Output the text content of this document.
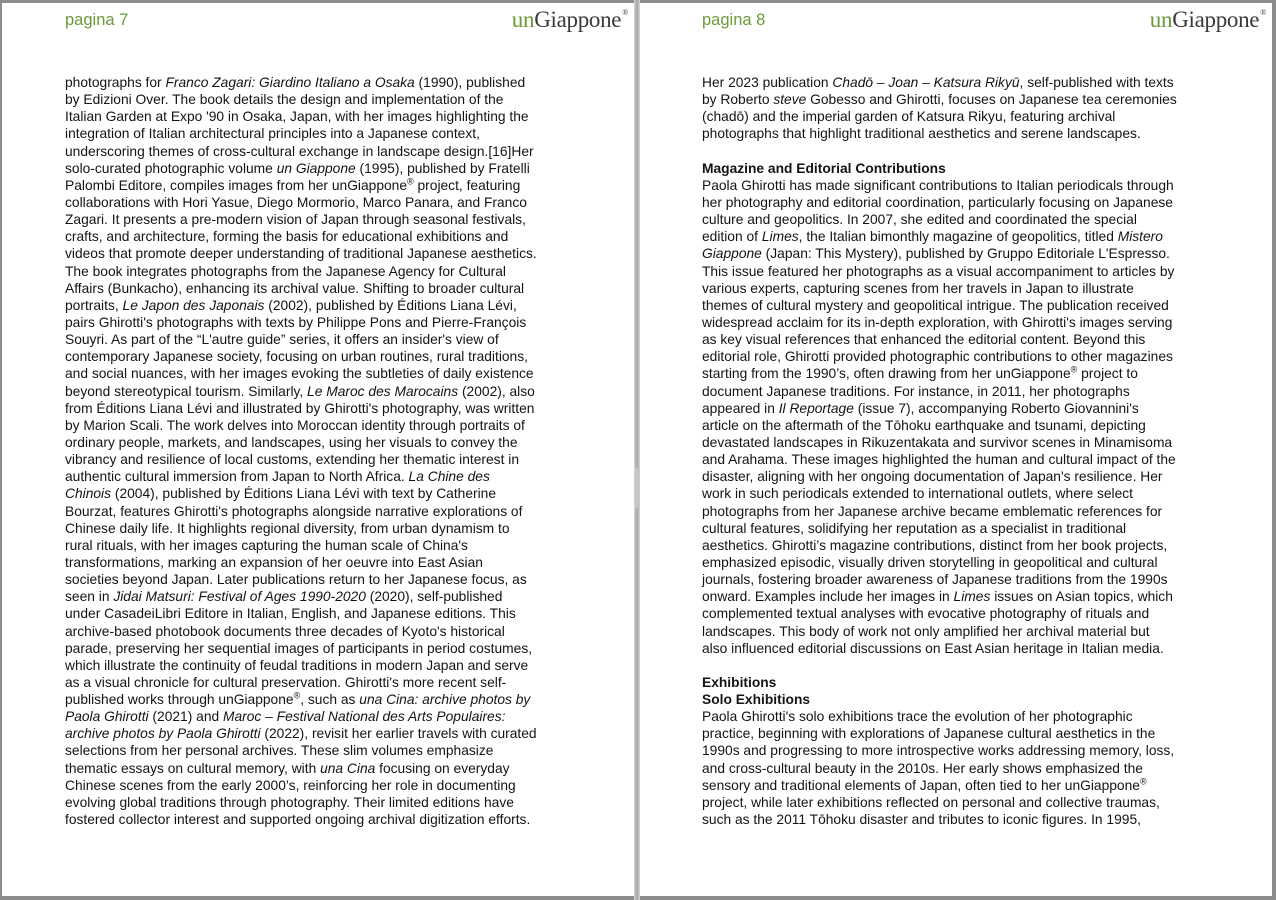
pagina 7	unGiappone®
photographs for Franco Zagari: Giardino Italiano a Osaka (1990), published
by Edizioni Over. The book details the design and implementation of the
Italian Garden at Expo '90 in Osaka, Japan, with her images highlighting the
integration of Italian architectural principles into a Japanese context,
underscoring themes of cross-cultural exchange in landscape design.[16]Her
solo-curated photographic volume un Giappone (1995), published by Fratelli
Palombi Editore, compiles images from her unGiappone® project, featuring
collaborations with Hori Yasue, Diego Mormorio, Marco Panara, and Franco
Zagari. It presents a pre-modern vision of Japan through seasonal festivals,
crafts, and architecture, forming the basis for educational exhibitions and
videos that promote deeper understanding of traditional Japanese aesthetics.
The book integrates photographs from the Japanese Agency for Cultural
Affairs (Bunkacho), enhancing its archival value. Shifting to broader cultural
portraits, Le Japon des Japonais (2002), published by Éditions Liana Lévi,
pairs Ghirotti's photographs with texts by Philippe Pons and Pierre-François
Souyri. As part of the “L'autre guide” series, it offers an insider's view of
contemporary Japanese society, focusing on urban routines, rural traditions,
and social nuances, with her images evoking the subtleties of daily existence
beyond stereotypical tourism. Similarly, Le Maroc des Marocains (2002), also
from Éditions Liana Lévi and illustrated by Ghirotti's photography, was written
by Marion Scali. The work delves into Moroccan identity through portraits of
ordinary people, markets, and landscapes, using her visuals to convey the
vibrancy and resilience of local customs, extending her thematic interest in
authentic cultural immersion from Japan to North Africa. La Chine des
Chinois (2004), published by Éditions Liana Lévi with text by Catherine
Bourzat, features Ghirotti's photographs alongside narrative explorations of
Chinese daily life. It highlights regional diversity, from urban dynamism to
rural rituals, with her images capturing the human scale of China's
transformations, marking an expansion of her oeuvre into East Asian
societies beyond Japan. Later publications return to her Japanese focus, as
seen in Jidai Matsuri: Festival of Ages 1990-2020 (2020), self-published
under CasadeiLibri Editore in Italian, English, and Japanese editions. This
archive-based photobook documents three decades of Kyoto's historical
parade, preserving her sequential images of participants in period costumes,
which illustrate the continuity of feudal traditions in modern Japan and serve
as a visual chronicle for cultural preservation. Ghirotti's more recent self-
published works through unGiappone®, such as una Cina: archive photos by
Paola Ghirotti (2021) and Maroc – Festival National des Arts Populaires:
archive photos by Paola Ghirotti (2022), revisit her earlier travels with curated
selections from her personal archives. These slim volumes emphasize
thematic essays on cultural memory, with una Cina focusing on everyday
Chinese scenes from the early 2000’s, reinforcing her role in documenting
evolving global traditions through photography. Their limited editions have
fostered collector interest and supported ongoing archival digitization efforts.
pagina 8	unGiappone®
Her 2023 publication Chadō – Joan – Katsura Rikyū, self-published with texts
by Roberto steve Gobesso and Ghirotti, focuses on Japanese tea ceremonies
(chadō) and the imperial garden of Katsura Rikyu, featuring archival
photographs that highlight traditional aesthetics and serene landscapes.
Magazine and Editorial Contributions
Paola Ghirotti has made significant contributions to Italian periodicals through
her photography and editorial coordination, particularly focusing on Japanese
culture and geopolitics. In 2007, she edited and coordinated the special
edition of Limes, the Italian bimonthly magazine of geopolitics, titled Mistero
Giappone (Japan: This Mystery), published by Gruppo Editoriale L'Espresso.
This issue featured her photographs as a visual accompaniment to articles by
various experts, capturing scenes from her travels in Japan to illustrate
themes of cultural mystery and geopolitical intrigue. The publication received
widespread acclaim for its in-depth exploration, with Ghirotti's images serving
as key visual references that enhanced the editorial content. Beyond this
editorial role, Ghirotti provided photographic contributions to other magazines
starting from the 1990’s, often drawing from her unGiappone® project to
document Japanese traditions. For instance, in 2011, her photographs
appeared in Il Reportage (issue 7), accompanying Roberto Giovannini's
article on the aftermath of the Tōhoku earthquake and tsunami, depicting
devastated landscapes in Rikuzentakata and survivor scenes in Minamisoma
and Arahama. These images highlighted the human and cultural impact of the
disaster, aligning with her ongoing documentation of Japan's resilience. Her
work in such periodicals extended to international outlets, where select
photographs from her Japanese archive became emblematic references for
cultural features, solidifying her reputation as a specialist in traditional
aesthetics. Ghirotti’s magazine contributions, distinct from her book projects,
emphasized episodic, visually driven storytelling in geopolitical and cultural
journals, fostering broader awareness of Japanese traditions from the 1990s
onward. Examples include her images in Limes issues on Asian topics, which
complemented textual analyses with evocative photography of rituals and
landscapes. This body of work not only amplified her archival material but
also influenced editorial discussions on East Asian heritage in Italian media.
Exhibitions
Solo Exhibitions
Paola Ghirotti's solo exhibitions trace the evolution of her photographic
practice, beginning with explorations of Japanese cultural aesthetics in the
1990s and progressing to more introspective works addressing memory, loss,
and cross-cultural beauty in the 2010s. Her early shows emphasized the
sensory and traditional elements of Japan, often tied to her unGiappone®
project, while later exhibitions reflected on personal and collective traumas,
such as the 2011 Tōhoku disaster and tributes to iconic figures. In 1995,
